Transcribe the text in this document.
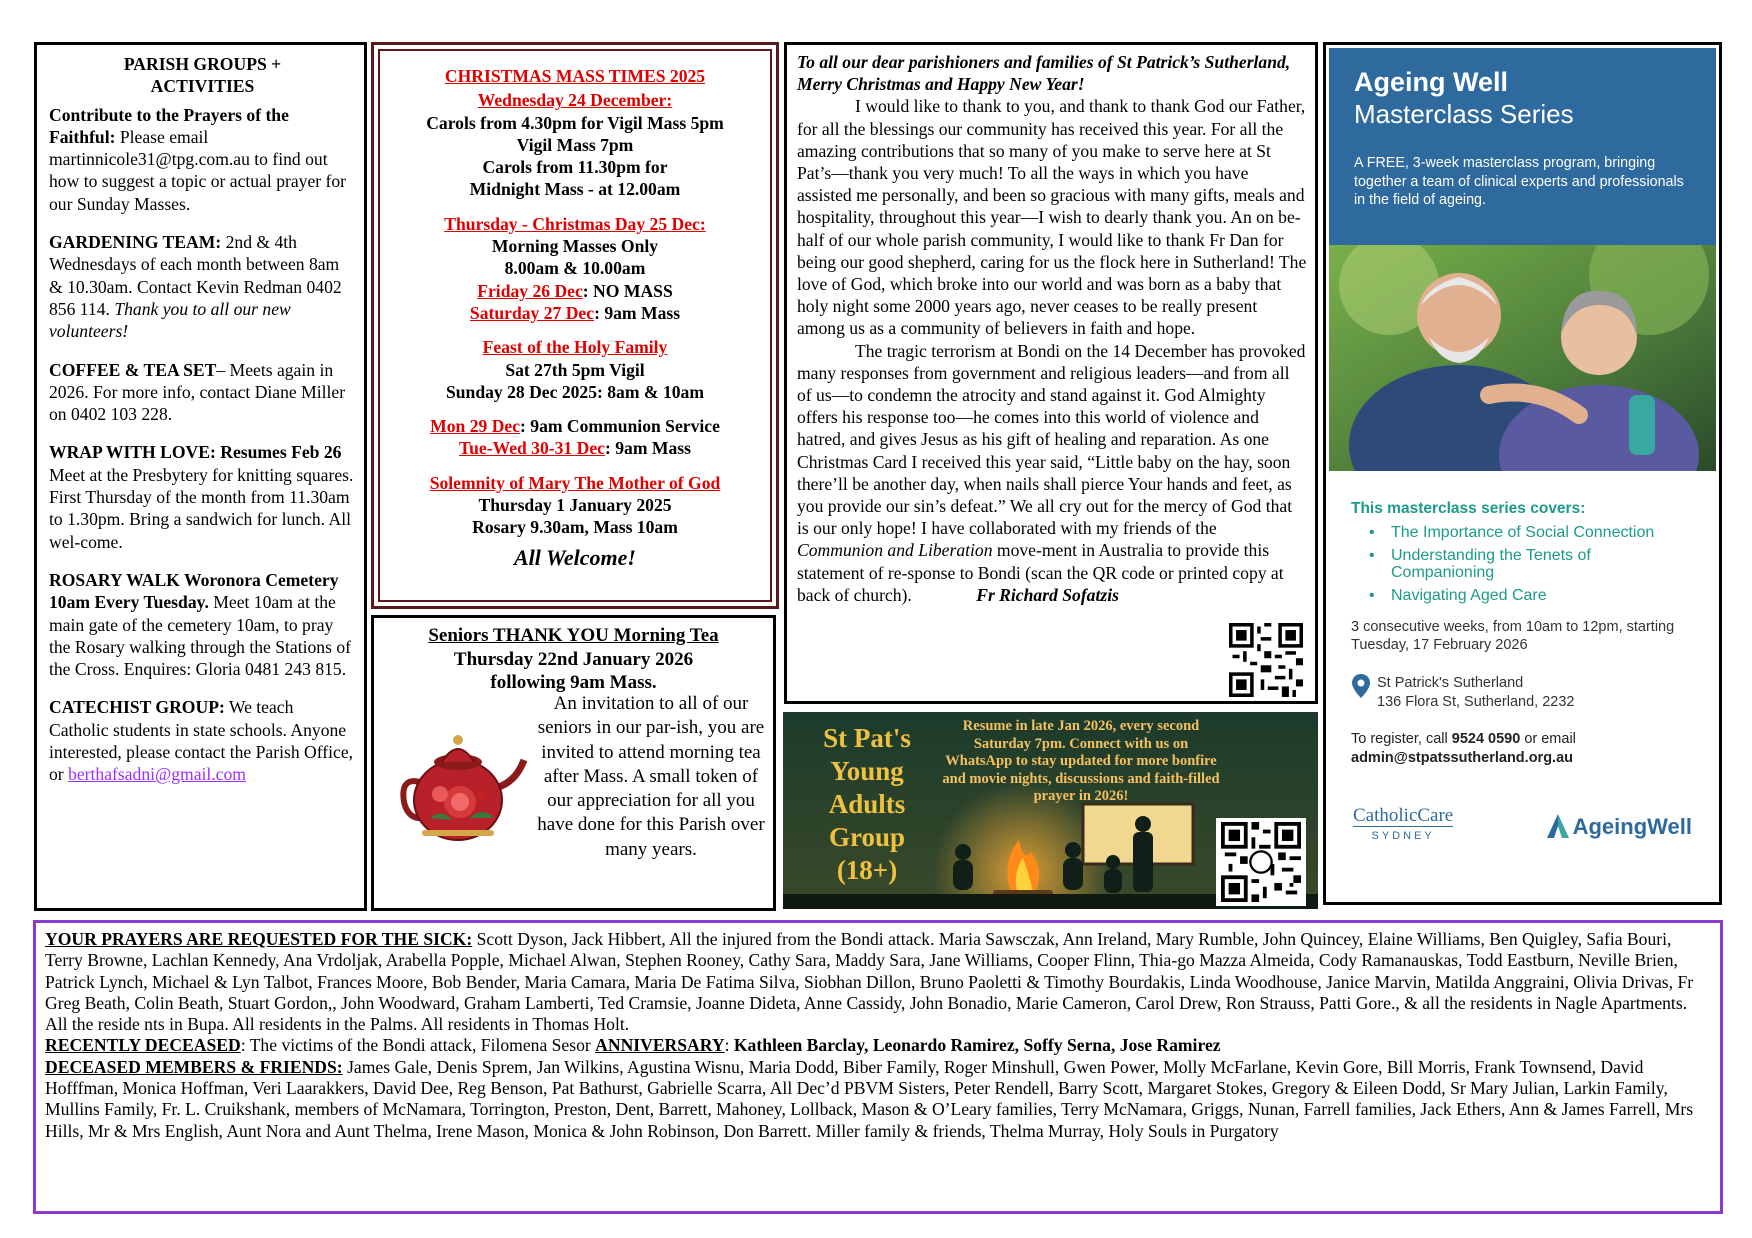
PARISH GROUPS +
ACTIVITIES
Contribute to the Prayers of the Faithful: Please email martinnicole31@tpg.com.au to find out how to suggest a topic or actual prayer for our Sunday Masses.
GARDENING TEAM: 2nd & 4th Wednesdays of each month between 8am & 10.30am. Contact Kevin Redman 0402 856 114. Thank you to all our new volunteers!
COFFEE & TEA SET– Meets again in 2026. For more info, contact Diane Miller on 0402 103 228.
WRAP WITH LOVE: Resumes Feb 26 Meet at the Presbytery for knitting squares. First Thursday of the month from 11.30am to 1.30pm. Bring a sandwich for lunch. All wel-come.
ROSARY WALK Woronora Cemetery 10am Every Tuesday. Meet 10am at the main gate of the cemetery 10am, to pray the Rosary walking through the Stations of the Cross. Enquires: Gloria 0481 243 815.
CATECHIST GROUP: We teach Catholic students in state schools. Anyone interested, please contact the Parish Office, or berthafsadni@gmail.com
CHRISTMAS MASS TIMES 2025
Wednesday 24 December:
Carols from 4.30pm for Vigil Mass 5pm
Vigil Mass 7pm
Carols from 11.30pm for
Midnight Mass - at 12.00am
Thursday - Christmas Day 25 Dec:
Morning Masses Only
8.00am & 10.00am
Friday 26 Dec: NO MASS
Saturday 27 Dec: 9am Mass
Feast of the Holy Family
Sat 27th 5pm Vigil
Sunday 28 Dec 2025: 8am & 10am
Mon 29 Dec: 9am Communion Service
Tue-Wed 30-31 Dec: 9am Mass
Solemnity of Mary The Mother of God
Thursday 1 January 2025
Rosary 9.30am, Mass 10am
All Welcome!
Seniors THANK YOU Morning Tea
Thursday 22nd January 2026
following 9am Mass.
An invitation to all of our seniors in our par-ish, you are invited to attend morning tea after Mass. A small token of our appreciation for all you have done for this Parish over many years.
To all our dear parishioners and families of St Patrick’s Sutherland, Merry Christmas and Happy New Year!
I would like to thank to you, and thank to thank God our Father, for all the blessings our community has received this year. For all the amazing contributions that so many of you make to serve here at St Pat’s—thank you very much! To all the ways in which you have assisted me personally, and been so gracious with many gifts, meals and hospitality, throughout this year—I wish to dearly thank you. An on be-half of our whole parish community, I would like to thank Fr Dan for being our good shepherd, caring for us the flock here in Sutherland! The love of God, which broke into our world and was born as a baby that holy night some 2000 years ago, never ceases to be really present among us as a community of believers in faith and hope.
The tragic terrorism at Bondi on the 14 December has provoked many responses from government and religious leaders—and from all of us—to condemn the atrocity and stand against it. God Almighty offers his response too—he comes into this world of violence and hatred, and gives Jesus as his gift of healing and reparation. As one Christmas Card I received this year said, “Little baby on the hay, soon there’ll be another day, when nails shall pierce Your hands and feet, as you provide our sin’s defeat.” We all cry out for the mercy of God that is our only hope! I have collaborated with my friends of the Communion and Liberation move-ment in Australia to provide this statement of re-sponse to Bondi (scan the QR code or printed copy at back of church).	Fr Richard Sofatzis
St Pat's Young Adults Group (18+)
Resume in late Jan 2026, every second Saturday 7pm. Connect with us on WhatsApp to stay updated for more bonfire and movie nights, discussions and faith-filled prayer in 2026!
Ageing Well
Masterclass Series
A FREE, 3-week masterclass program, bringing together a team of clinical experts and professionals in the field of ageing.
This masterclass series covers:
• The Importance of Social Connection
• Understanding the Tenets of Companioning
• Navigating Aged Care
3 consecutive weeks, from 10am to 12pm, starting Tuesday, 17 February 2026
St Patrick's Sutherland
136 Flora St, Sutherland, 2232
To register, call 9524 0590 or email
admin@stpatssutherland.org.au
CatholicCare
SYDNEY	AgeingWell
YOUR PRAYERS ARE REQUESTED FOR THE SICK: Scott Dyson, Jack Hibbert, All the injured from the Bondi attack. Maria Sawsczak, Ann Ireland, Mary Rumble, John Quincey, Elaine Williams, Ben Quigley, Safia Bouri, Terry Browne, Lachlan Kennedy, Ana Vrdoljak, Arabella Popple, Michael Alwan, Stephen Rooney, Cathy Sara, Maddy Sara, Jane Williams, Cooper Flinn, Thia-go Mazza Almeida, Cody Ramanauskas, Todd Eastburn, Neville Brien, Patrick Lynch, Michael & Lyn Talbot, Frances Moore, Bob Bender, Maria Camara, Maria De Fatima Silva, Siobhan Dillon, Bruno Paoletti & Timothy Bourdakis, Linda Woodhouse, Janice Marvin, Matilda Anggraini, Olivia Drivas, Fr Greg Beath, Colin Beath, Stuart Gordon,, John Woodward, Graham Lamberti, Ted Cramsie, Joanne Dideta, Anne Cassidy, John Bonadio, Marie Cameron, Carol Drew, Ron Strauss, Patti Gore., & all the residents in Nagle Apartments. All the reside nts in Bupa. All residents in the Palms. All residents in Thomas Holt.
RECENTLY DECEASED: The victims of the Bondi attack, Filomena Sesor ANNIVERSARY: Kathleen Barclay, Leonardo Ramirez, Soffy Serna, Jose Ramirez
DECEASED MEMBERS & FRIENDS: James Gale, Denis Sprem, Jan Wilkins, Agustina Wisnu, Maria Dodd, Biber Family, Roger Minshull, Gwen Power, Molly McFarlane, Kevin Gore, Bill Morris, Frank Townsend, David Hofffman, Monica Hoffman, Veri Laarakkers, David Dee, Reg Benson, Pat Bathurst, Gabrielle Scarra, All Dec’d PBVM Sisters, Peter Rendell, Barry Scott, Margaret Stokes, Gregory & Eileen Dodd, Sr Mary Julian, Larkin Family, Mullins Family, Fr. L. Cruikshank, members of McNamara, Torrington, Preston, Dent, Barrett, Mahoney, Lollback, Mason & O’Leary families, Terry McNamara, Griggs, Nunan, Farrell families, Jack Ethers, Ann & James Farrell, Mrs Hills, Mr & Mrs English, Aunt Nora and Aunt Thelma, Irene Mason, Monica & John Robinson, Don Barrett. Miller family & friends, Thelma Murray, Holy Souls in Purgatory
